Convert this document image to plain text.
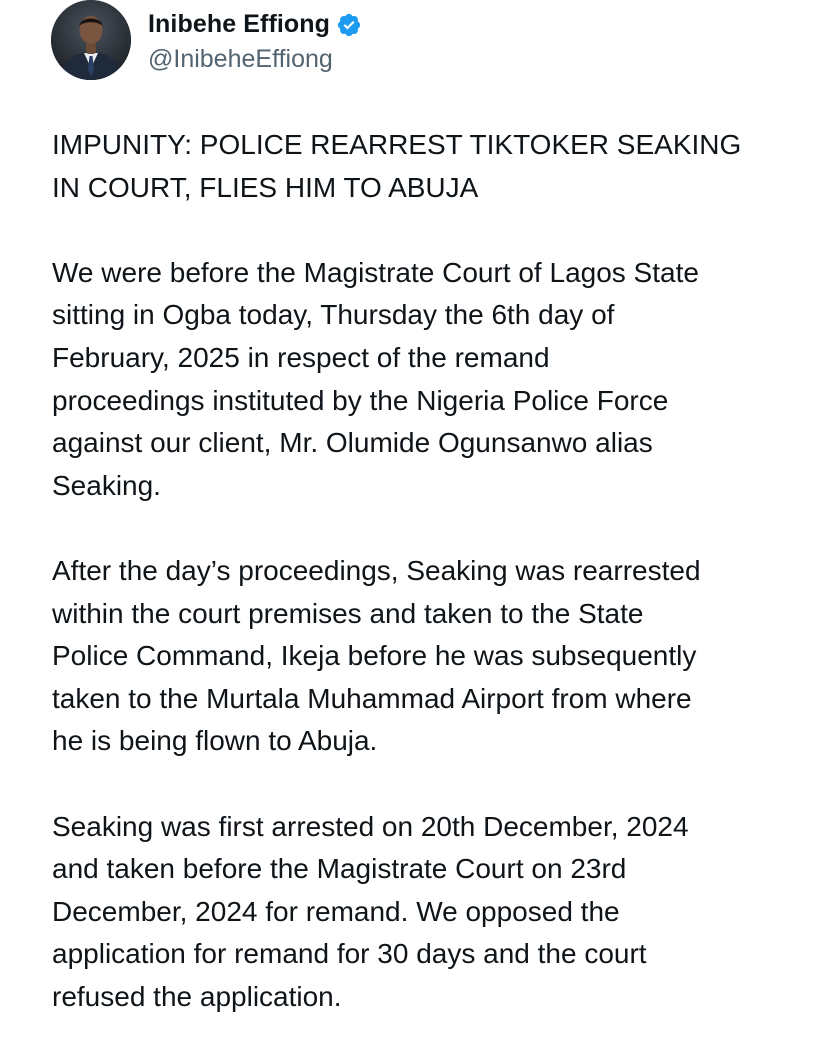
Inibehe Effiong
@InibeheEffiong
IMPUNITY: POLICE REARREST TIKTOKER SEAKING
IN COURT, FLIES HIM TO ABUJA
We were before the Magistrate Court of Lagos State
sitting in Ogba today, Thursday the 6th day of
February, 2025 in respect of the remand
proceedings instituted by the Nigeria Police Force
against our client, Mr. Olumide Ogunsanwo alias
Seaking.
After the day’s proceedings, Seaking was rearrested
within the court premises and taken to the State
Police Command, Ikeja before he was subsequently
taken to the Murtala Muhammad Airport from where
he is being flown to Abuja.
Seaking was first arrested on 20th December, 2024
and taken before the Magistrate Court on 23rd
December, 2024 for remand. We opposed the
application for remand for 30 days and the court
refused the application.
